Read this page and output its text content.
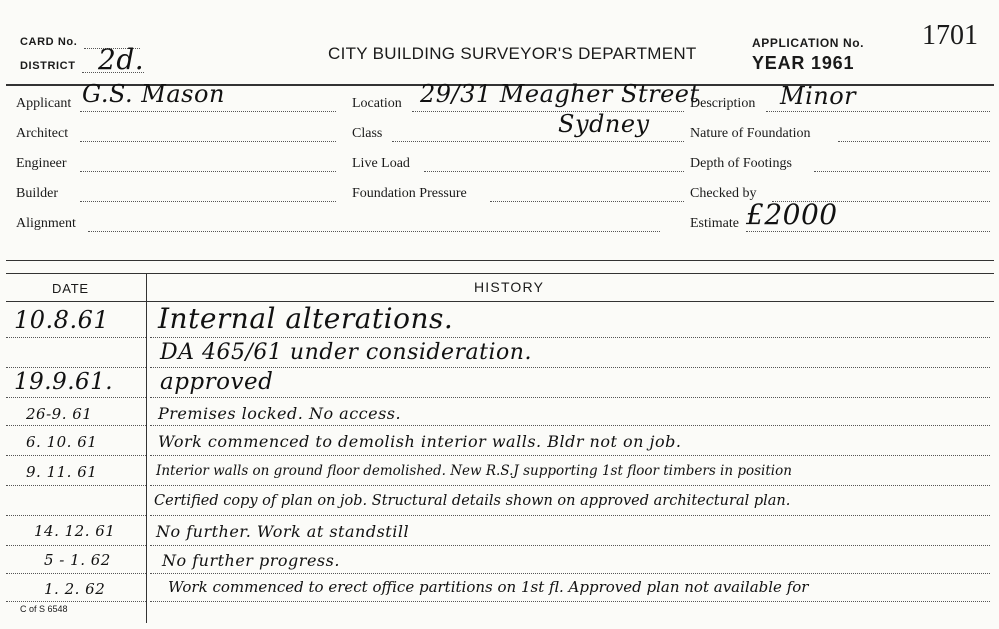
CARD No.
DISTRICT 2d.	CITY BUILDING SURVEYOR'S DEPARTMENT
APPLICATION No. 1701
YEAR 1961
Applicant G.S. Mason
Architect
Engineer
Builder
Alignment
Location 29/31 Meagher Street
Sydney
Class
Live Load
Foundation Pressure
Description Minor
Nature of Foundation
Depth of Footings
Checked by
Estimate £2000
DATE	HISTORY
10.8.61 Internal alterations.
DA 465/61 under consideration.
19.9.61. approved
26-9. 61	Premises locked. No access.
6. 10. 61	Work commenced to demolish interior walls. Bldr not on job.
9. 11. 61	Interior walls on ground floor demolished. New R.S.J supporting 1st floor timbers in position
Certified copy of plan on job. Structural details shown on approved architectural plan.
14. 12. 61	No further. Work at standstill
5 - 1. 62	No further progress.
1. 2. 62	Work commenced to erect office partitions on 1st fl. Approved plan not available for
C of S 6548
